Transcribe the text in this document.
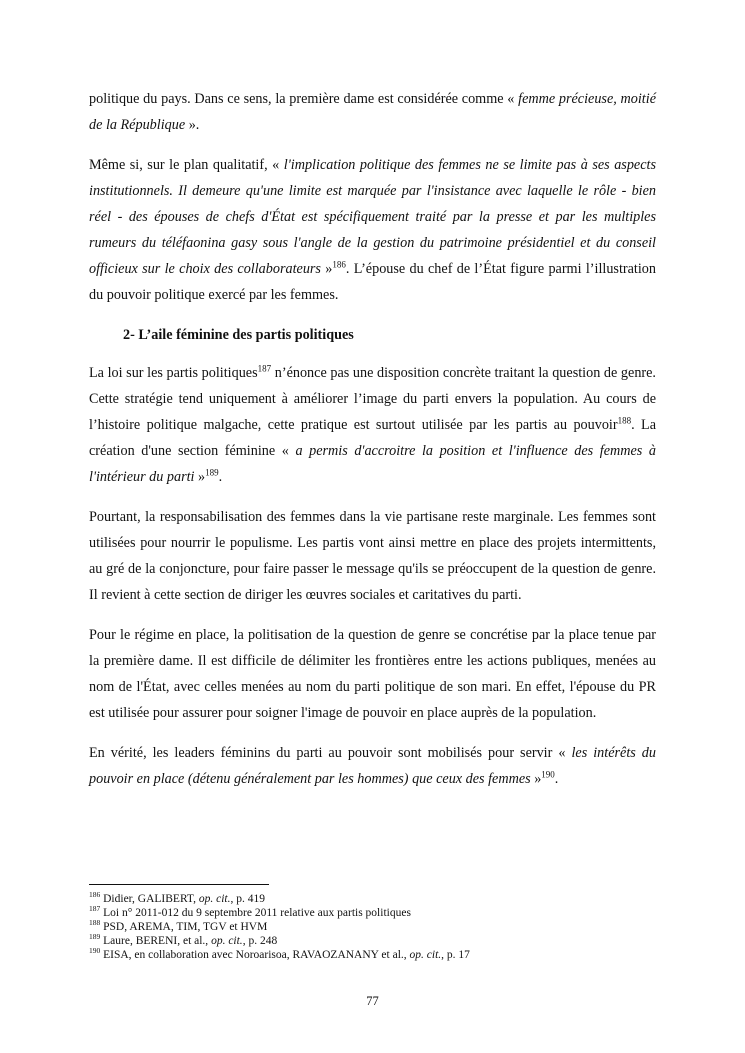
politique du pays. Dans ce sens, la première dame est considérée comme « femme précieuse, moitié de la République ».

Même si, sur le plan qualitatif, « l'implication politique des femmes ne se limite pas à ses aspects institutionnels. Il demeure qu'une limite est marquée par l'insistance avec laquelle le rôle - bien réel - des épouses de chefs d'État est spécifiquement traité par la presse et par les multiples rumeurs du téléfaonina gasy sous l'angle de la gestion du patrimoine présidentiel et du conseil officieux sur le choix des collaborateurs »$^{186}$. L’épouse du chef de l’État figure parmi l’illustration du pouvoir politique exercé par les femmes.

2- L’aile féminine des partis politiques

La loi sur les partis politiques$^{187}$ n’énonce pas une disposition concrète traitant la question de genre. Cette stratégie tend uniquement à améliorer l’image du parti envers la population. Au cours de l’histoire politique malgache, cette pratique est surtout utilisée par les partis au pouvoir$^{188}$. La création d'une section féminine « a permis d'accroitre la position et l'influence des femmes à l'intérieur du parti »$^{189}$.

Pourtant, la responsabilisation des femmes dans la vie partisane reste marginale. Les femmes sont utilisées pour nourrir le populisme. Les partis vont ainsi mettre en place des projets intermittents, au gré de la conjoncture, pour faire passer le message qu'ils se préoccupent de la question de genre. Il revient à cette section de diriger les œuvres sociales et caritatives du parti.

Pour le régime en place, la politisation de la question de genre se concrétise par la place tenue par la première dame. Il est difficile de délimiter les frontières entre les actions publiques, menées au nom de l'État, avec celles menées au nom du parti politique de son mari. En effet, l'épouse du PR est utilisée pour assurer pour soigner l'image de pouvoir en place auprès de la population.

En vérité, les leaders féminins du parti au pouvoir sont mobilisés pour servir « les intérêts du pouvoir en place (détenu généralement par les hommes) que ceux des femmes »$^{190}$.

$^{186}$ Didier, GALIBERT, op. cit., p. 419
$^{187}$ Loi n° 2011-012 du 9 septembre 2011 relative aux partis politiques
$^{188}$ PSD, AREMA, TIM, TGV et HVM
$^{189}$ Laure, BERENI, et al., op. cit., p. 248
$^{190}$ EISA, en collaboration avec Noroarisoa, RAVAOZANANY et al., op. cit., p. 17
77
